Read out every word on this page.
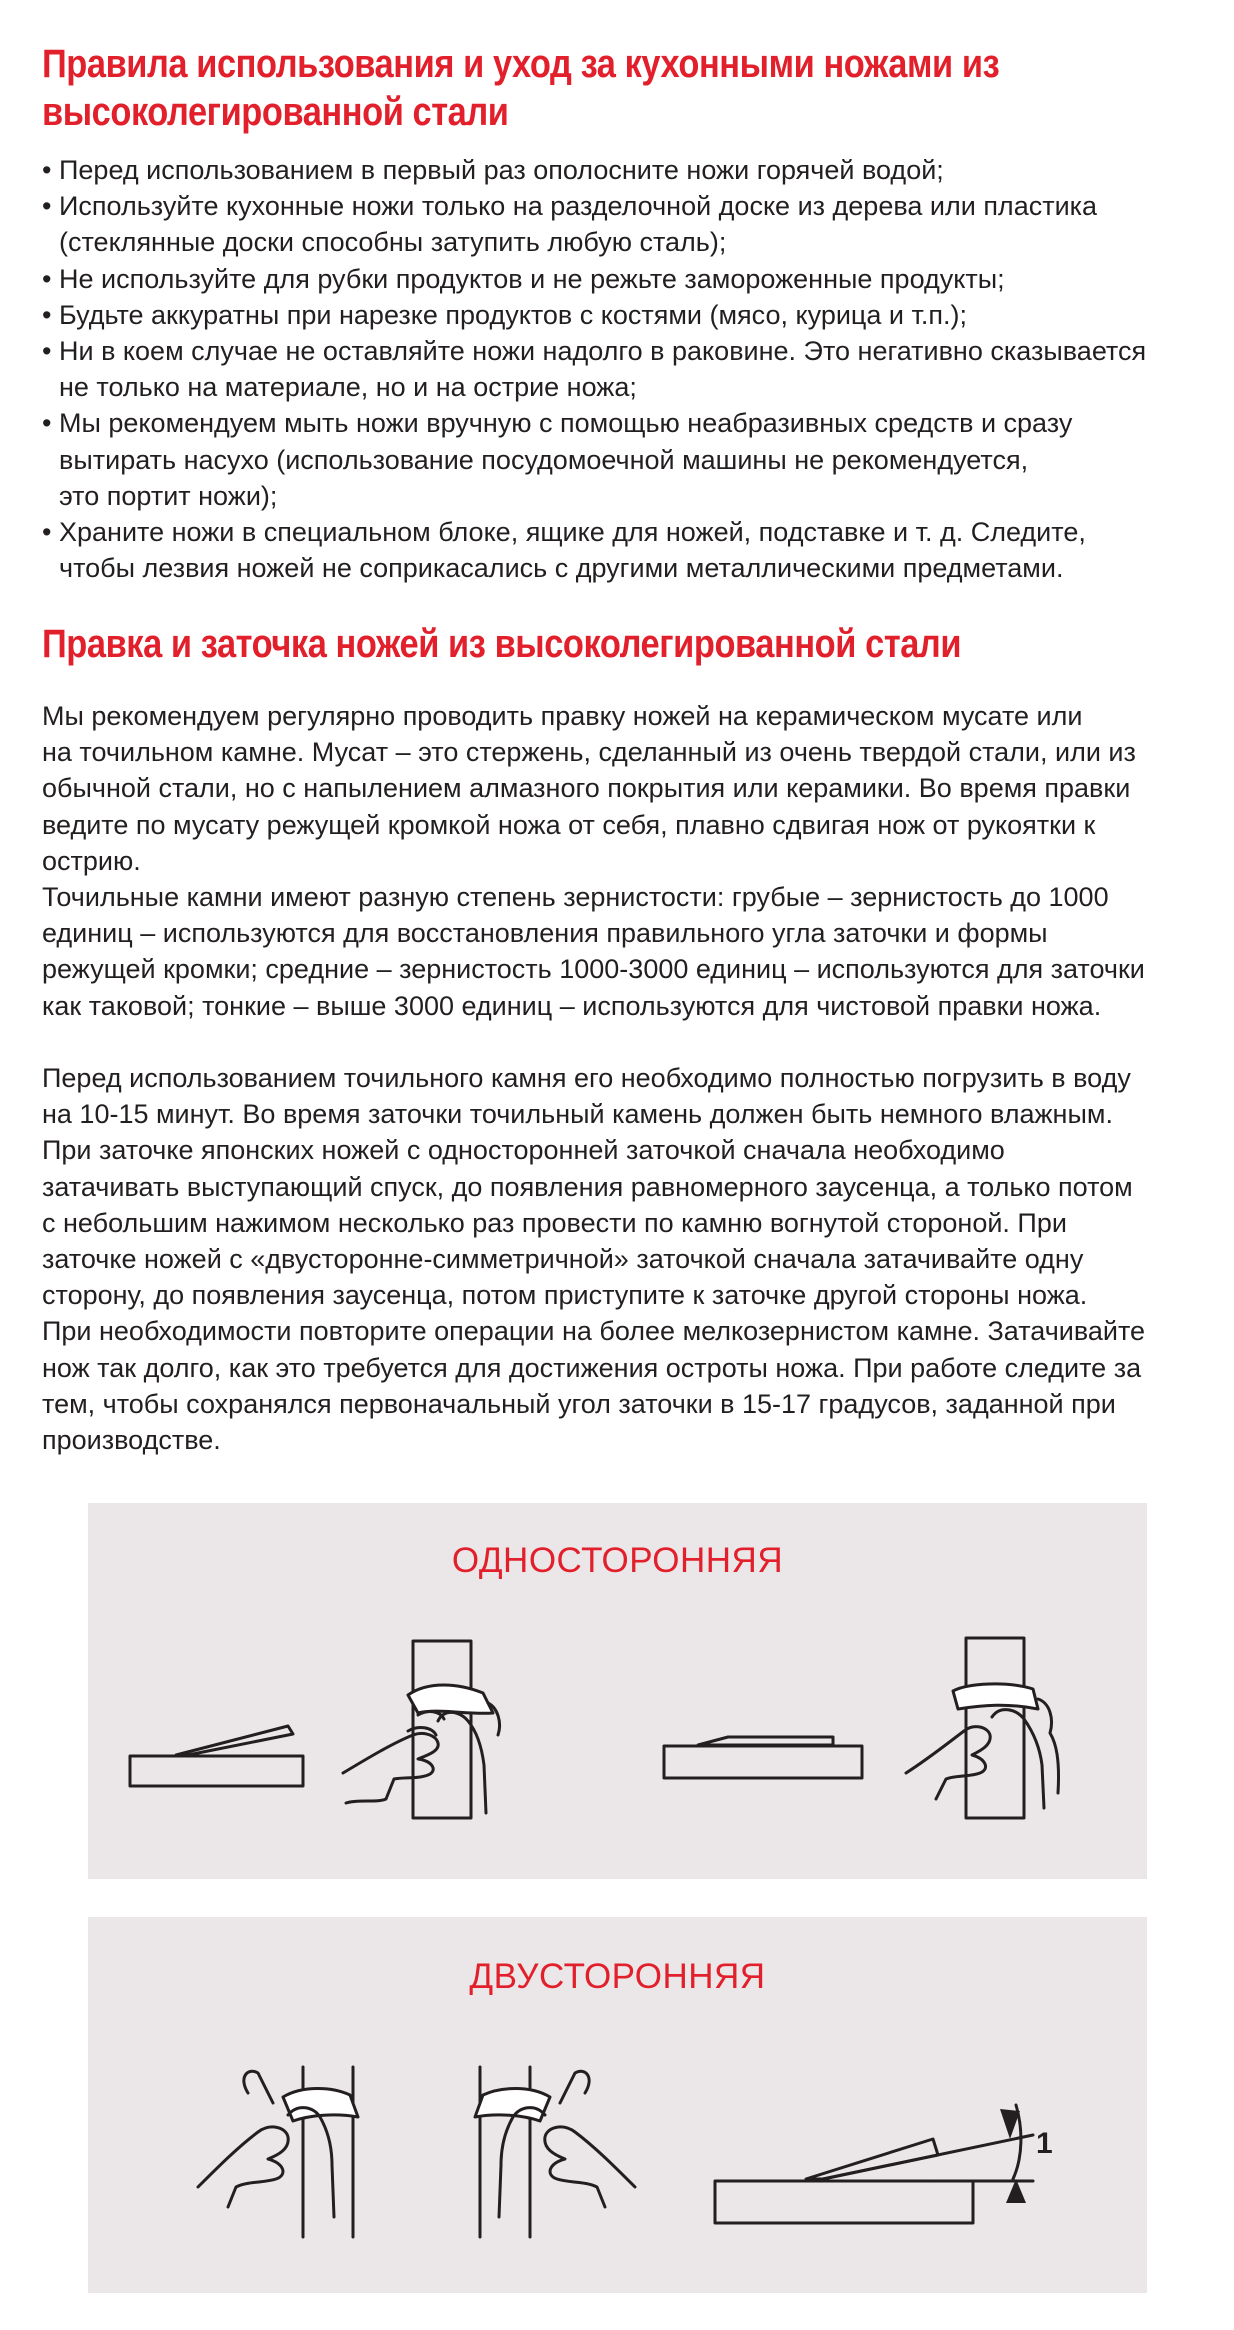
Правила использования и уход за кухонными ножами из
высоколегированной стали
• Перед использованием в первый раз ополосните ножи горячей водой;
• Используйте кухонные ножи только на разделочной доске из дерева или пластика
(стеклянные доски способны затупить любую сталь);
• Не используйте для рубки продуктов и не режьте замороженные продукты;
• Будьте аккуратны при нарезке продуктов с костями (мясо, курица и т.п.);
• Ни в коем случае не оставляйте ножи надолго в раковине. Это негативно сказывается
не только на материале, но и на острие ножа;
• Мы рекомендуем мыть ножи вручную с помощью неабразивных средств и сразу
вытирать насухо (использование посудомоечной машины не рекомендуется,
это портит ножи);
• Храните ножи в специальном блоке, ящике для ножей, подставке и т. д. Следите,
чтобы лезвия ножей не соприкасались с другими металлическими предметами.
Правка и заточка ножей из высоколегированной стали

Мы рекомендуем регулярно проводить правку ножей на керамическом мусате или
на точильном камне. Мусат – это стержень, сделанный из очень твердой стали, или из
обычной стали, но с напылением алмазного покрытия или керамики. Во время правки
ведите по мусату режущей кромкой ножа от себя, плавно сдвигая нож от рукоятки к
острию.
Точильные камни имеют разную степень зернистости: грубые – зернистость до 1000
единиц – используются для восстановления правильного угла заточки и формы
режущей кромки; средние – зернистость 1000-3000 единиц – используются для заточки
как таковой; тонкие – выше 3000 единиц – используются для чистовой правки ножа.

Перед использованием точильного камня его необходимо полностью погрузить в воду
на 10-15 минут. Во время заточки точильный камень должен быть немного влажным.
При заточке японских ножей с односторонней заточкой сначала необходимо
затачивать выступающий спуск, до появления равномерного заусенца, а только потом
с небольшим нажимом несколько раз провести по камню вогнутой стороной. При
заточке ножей с «двусторонне-симметричной» заточкой сначала затачивайте одну
сторону, до появления заусенца, потом приступите к заточке другой стороны ножа.
При необходимости повторите операции на более мелкозернистом камне. Затачивайте
нож так долго, как это требуется для достижения остроты ножа. При работе следите за
тем, чтобы сохранялся первоначальный угол заточки в 15-17 градусов, заданной при
производстве.

ОДНОСТОРОННЯЯ
ДВУСТОРОННЯЯ
1
